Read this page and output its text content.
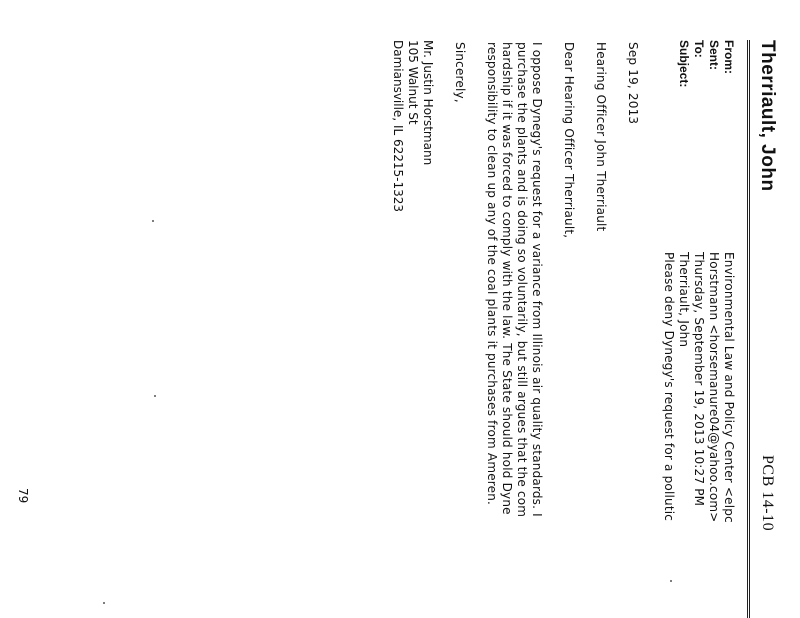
Therriault, John
PCB 14-10
From:
Environmental Law and Policy Center <elpc
Sent:
Horstmann <horsemanure04@yahoo.com>
Thursday, September 19, 2013 10:27 PM
To:
Therriault, John
Subject:
Please deny Dynegy's request for a pollutic
Sep 19, 2013
Hearing Officer John Therriault
Dear Hearing Officer Therriault,
I oppose Dynegy's request for a variance from Illinois air quality standards. I
purchase the plants and is doing so voluntarily, but still argues that the com
hardship if it was forced to comply with the law. The State should hold Dyne
responsibility to clean up any of the coal plants it purchases from Ameren.
Sincerely,
Mr. Justin Horstmann
105 Walnut St
Damiansville, IL 62215-1323
79
